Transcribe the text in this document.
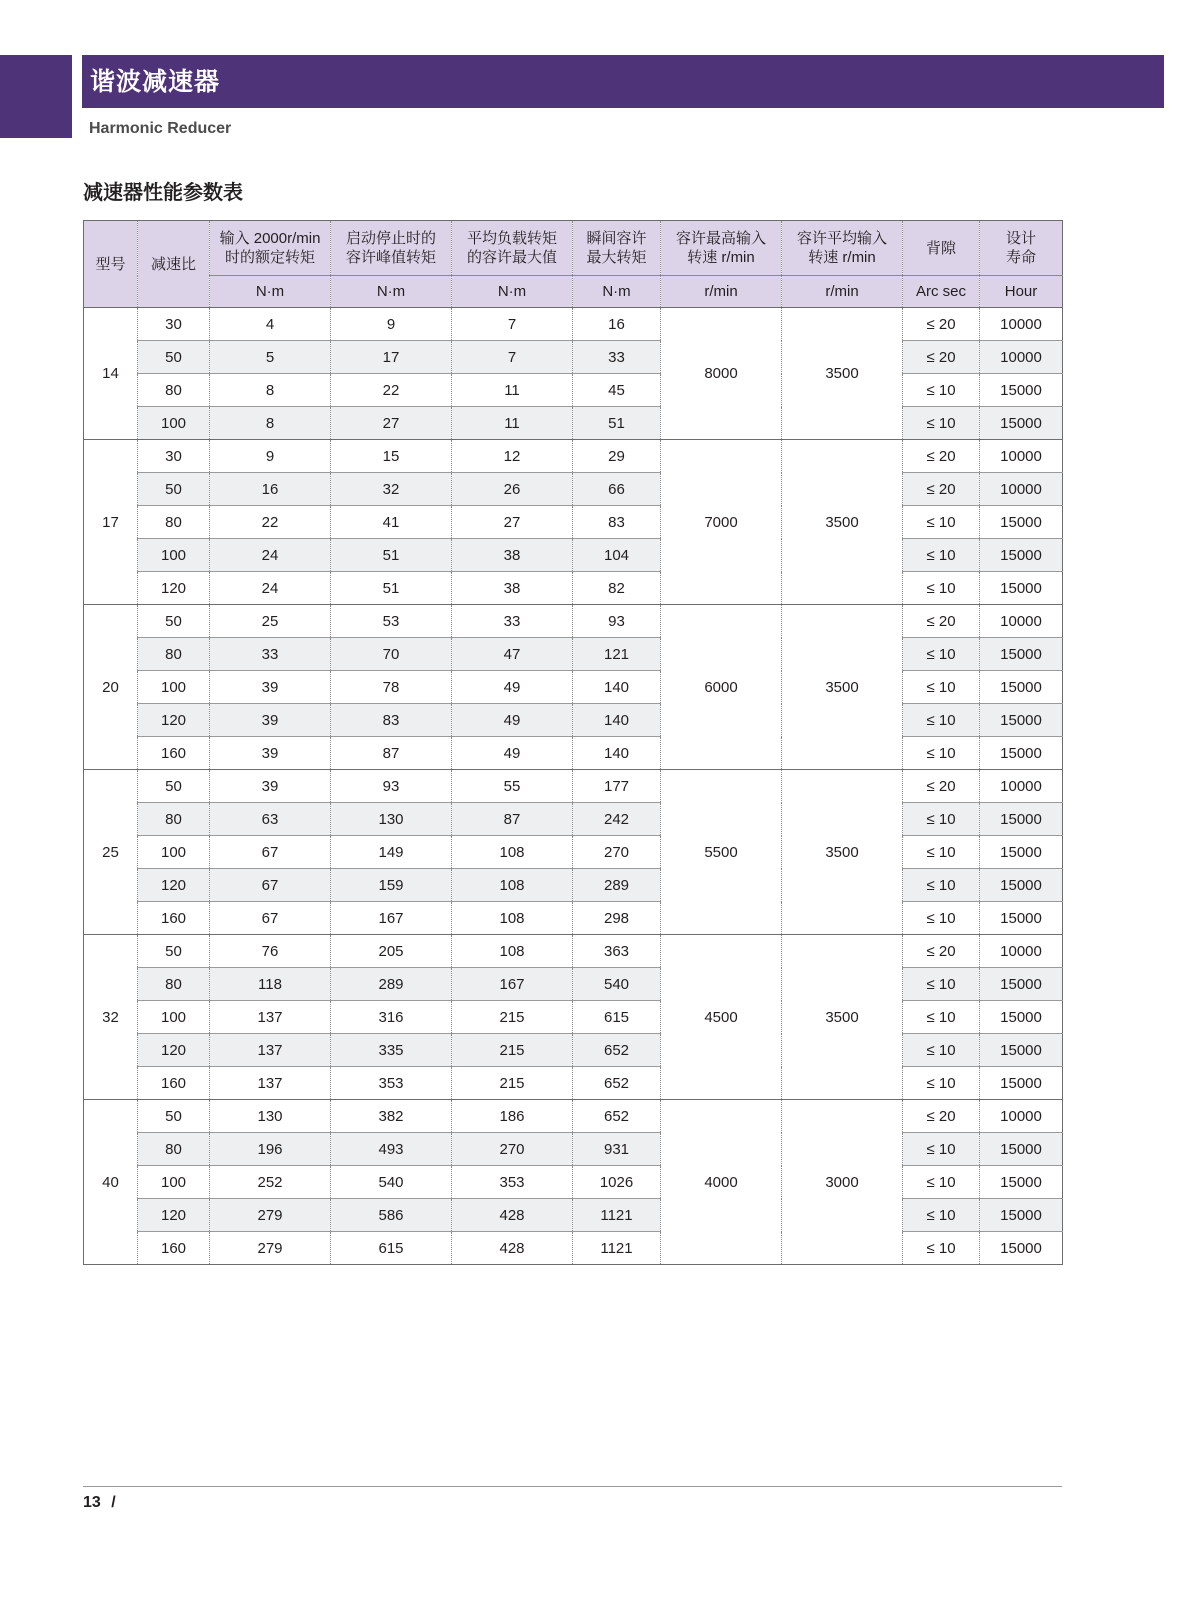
谐波减速器
Harmonic Reducer
减速器性能参数表
型号	减速比	输入 2000r/min
时的额定转矩	启动停止时的
容许峰值转矩	平均负载转矩
的容许最大值	瞬间容许
最大转矩	容许最高输入
转速 r/min	容许平均输入
转速 r/min	背隙	设计
寿命
		N·m	N·m	N·m	N·m	r/min	r/min	Arc sec	Hour
14	30	4	9	7	16	8000	3500	≤ 20	10000
	50	5	17	7	33			≤ 20	10000
	80	8	22	11	45			≤ 10	15000
	100	8	27	11	51			≤ 10	15000
17	30	9	15	12	29	7000	3500	≤ 20	10000
	50	16	32	26	66			≤ 20	10000
	80	22	41	27	83			≤ 10	15000
	100	24	51	38	104			≤ 10	15000
	120	24	51	38	82			≤ 10	15000
20	50	25	53	33	93	6000	3500	≤ 20	10000
	80	33	70	47	121			≤ 10	15000
	100	39	78	49	140			≤ 10	15000
	120	39	83	49	140			≤ 10	15000
	160	39	87	49	140			≤ 10	15000
25	50	39	93	55	177	5500	3500	≤ 20	10000
	80	63	130	87	242			≤ 10	15000
	100	67	149	108	270			≤ 10	15000
	120	67	159	108	289			≤ 10	15000
	160	67	167	108	298			≤ 10	15000
32	50	76	205	108	363	4500	3500	≤ 20	10000
	80	118	289	167	540			≤ 10	15000
	100	137	316	215	615			≤ 10	15000
	120	137	335	215	652			≤ 10	15000
	160	137	353	215	652			≤ 10	15000
40	50	130	382	186	652	4000	3000	≤ 20	10000
	80	196	493	270	931			≤ 10	15000
	100	252	540	353	1026			≤ 10	15000
	120	279	586	428	1121			≤ 10	15000
	160	279	615	428	1121			≤ 10	15000
13 /
